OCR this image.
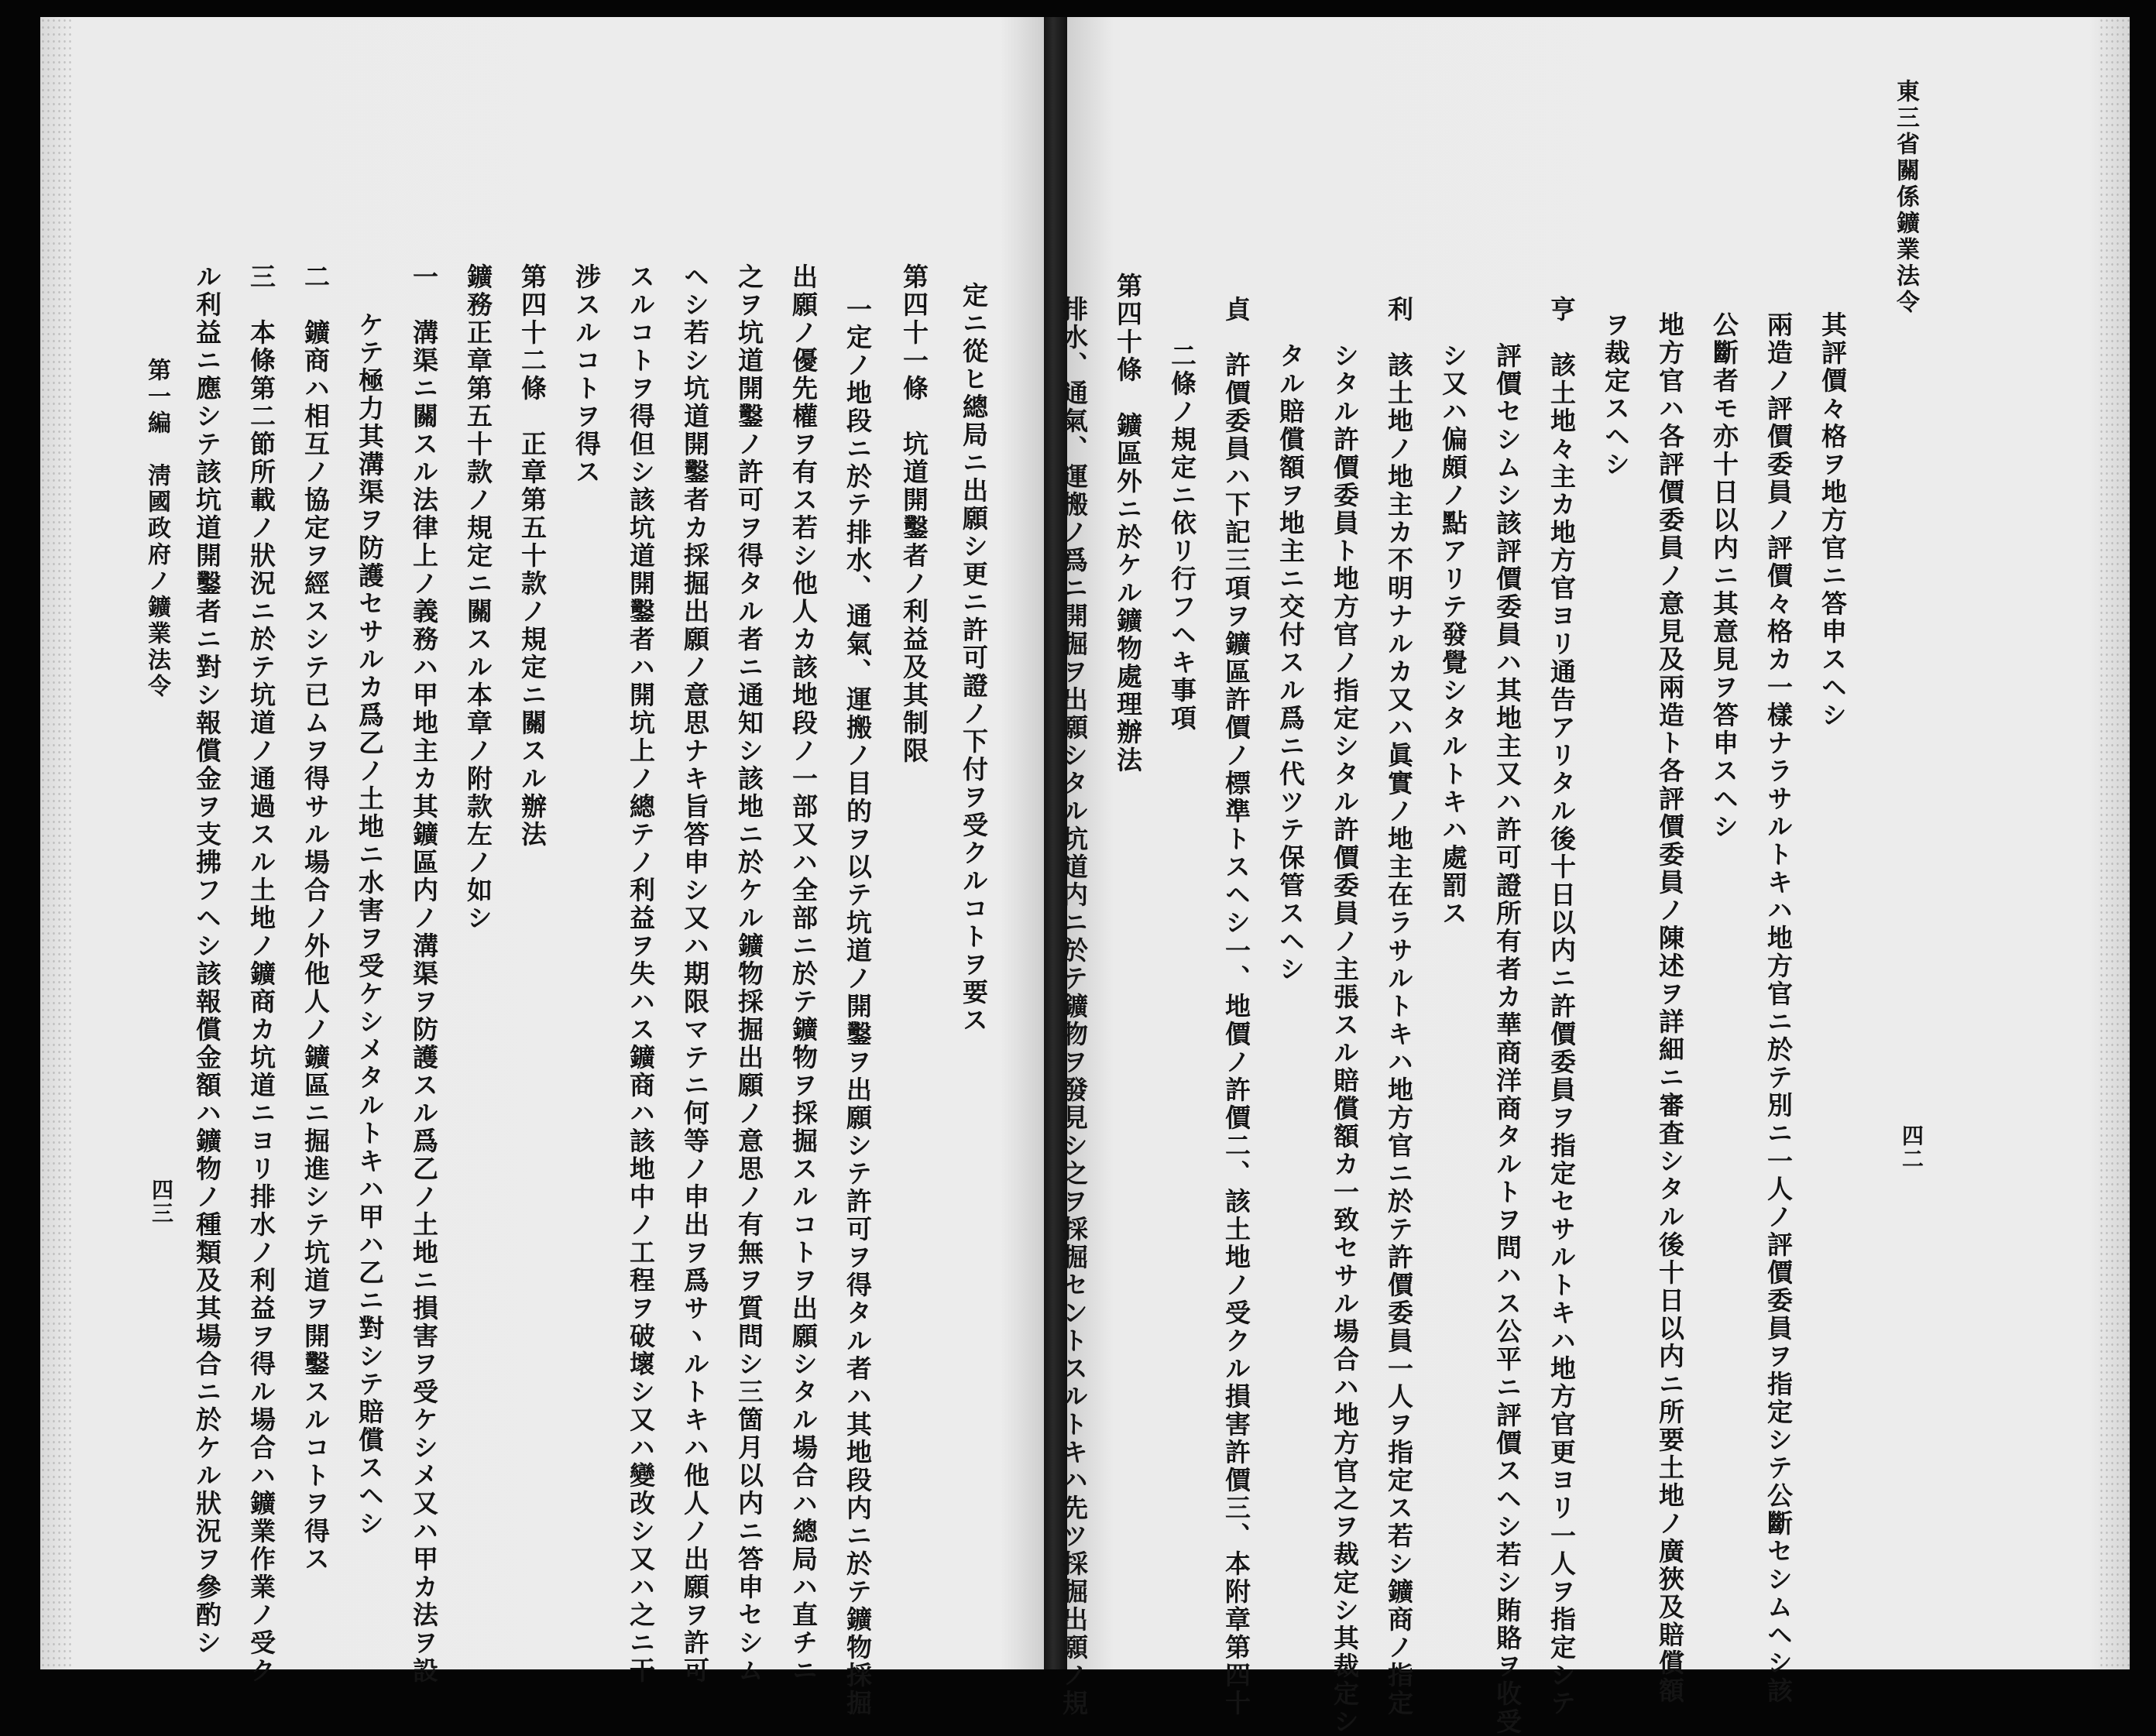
定ニ從ヒ總局ニ出願シ更ニ許可證ノ下付ヲ受クルコトヲ要ス
第四十一條　坑道開鑿者ノ利益及其制限
一定ノ地段ニ於テ排水、通氣、運搬ノ目的ヲ以テ坑道ノ開鑿ヲ出願シテ許可ヲ得タル者ハ其地段内ニ於テ鑛物採掘
出願ノ優先權ヲ有ス若シ他人カ該地段ノ一部又ハ全部ニ於テ鑛物ヲ採掘スルコトヲ出願シタル場合ハ總局ハ直チニ
之ヲ坑道開鑿ノ許可ヲ得タル者ニ通知シ該地ニ於ケル鑛物採掘出願ノ意思ノ有無ヲ質問シ三箇月以内ニ答申セシム
ヘシ若シ坑道開鑿者カ採掘出願ノ意思ナキ旨答申シ又ハ期限マテニ何等ノ申出ヲ爲サヽルトキハ他人ノ出願ヲ許可
スルコトヲ得但シ該坑道開鑿者ハ開坑上ノ總テノ利益ヲ失ハス鑛商ハ該地中ノ工程ヲ破壞シ又ハ變改シ又ハ之ニ干
涉スルコトヲ得ス
第四十二條　正章第五十款ノ規定ニ關スル辦法
鑛務正章第五十款ノ規定ニ關スル本章ノ附款左ノ如シ
一　溝渠ニ關スル法律上ノ義務ハ甲地主カ其鑛區内ノ溝渠ヲ防護スル爲乙ノ土地ニ損害ヲ受ケシメ又ハ甲カ法ヲ設
ケテ極力其溝渠ヲ防護セサルカ爲乙ノ土地ニ水害ヲ受ケシメタルトキハ甲ハ乙ニ對シテ賠償スヘシ
二　鑛商ハ相互ノ協定ヲ經スシテ已ムヲ得サル場合ノ外他人ノ鑛區ニ掘進シテ坑道ヲ開鑿スルコトヲ得ス
三　本條第二節所載ノ狀況ニ於テ坑道ノ通過スル土地ノ鑛商カ坑道ニヨリ排水ノ利益ヲ得ル場合ハ鑛業作業ノ受ク
ル利益ニ應シテ該坑道開鑿者ニ對シ報償金ヲ支拂フヘシ該報償金額ハ鑛物ノ種類及其場合ニ於ケル狀況ヲ參酌シ
第一編　淸國政府ノ鑛業法令
四三
東三省關係鑛業法令
四二
其評價々格ヲ地方官ニ答申スヘシ
兩造ノ評價委員ノ評價々格カ一樣ナラサルトキハ地方官ニ於テ別ニ一人ノ評價委員ヲ指定シテ公斷セシムヘシ該
公斷者モ亦十日以内ニ其意見ヲ答申スヘシ
地方官ハ各評價委員ノ意見及兩造ト各評價委員ノ陳述ヲ詳細ニ審査シタル後十日以内ニ所要土地ノ廣狹及賠償額
ヲ裁定スヘシ
亨　該土地々主カ地方官ヨリ通告アリタル後十日以内ニ許價委員ヲ指定セサルトキハ地方官更ヨリ一人ヲ指定シテ
評價セシムシ該評價委員ハ其地主又ハ許可證所有者カ華商洋商タルトヲ問ハス公平ニ評價スヘシ若シ賄賂ヲ收受
シ又ハ偏頗ノ點アリテ發覺シタルトキハ處罰ス
利　該土地ノ地主カ不明ナルカ又ハ眞實ノ地主在ラサルトキハ地方官ニ於テ許價委員一人ヲ指定ス若シ鑛商ノ指定
シタル許價委員ト地方官ノ指定シタル許價委員ノ主張スル賠償額カ一致セサル場合ハ地方官之ヲ裁定シ其裁定シ
タル賠償額ヲ地主ニ交付スル爲ニ代ツテ保管スヘシ
貞　許價委員ハ下記三項ヲ鑛區許價ノ標準トスヘシ一、地價ノ許價二、該土地ノ受クル損害許價三、本附章第四十
二條ノ規定ニ依リ行フヘキ事項
第四十條　鑛區外ニ於ケル鑛物處理辦法
排水、通氣、運搬ノ爲ニ開掘ヲ出願シタル坑道内ニ於テ鑛物ヲ發見シ之ヲ採掘セントスルトキハ先ツ採掘出願ノ規
